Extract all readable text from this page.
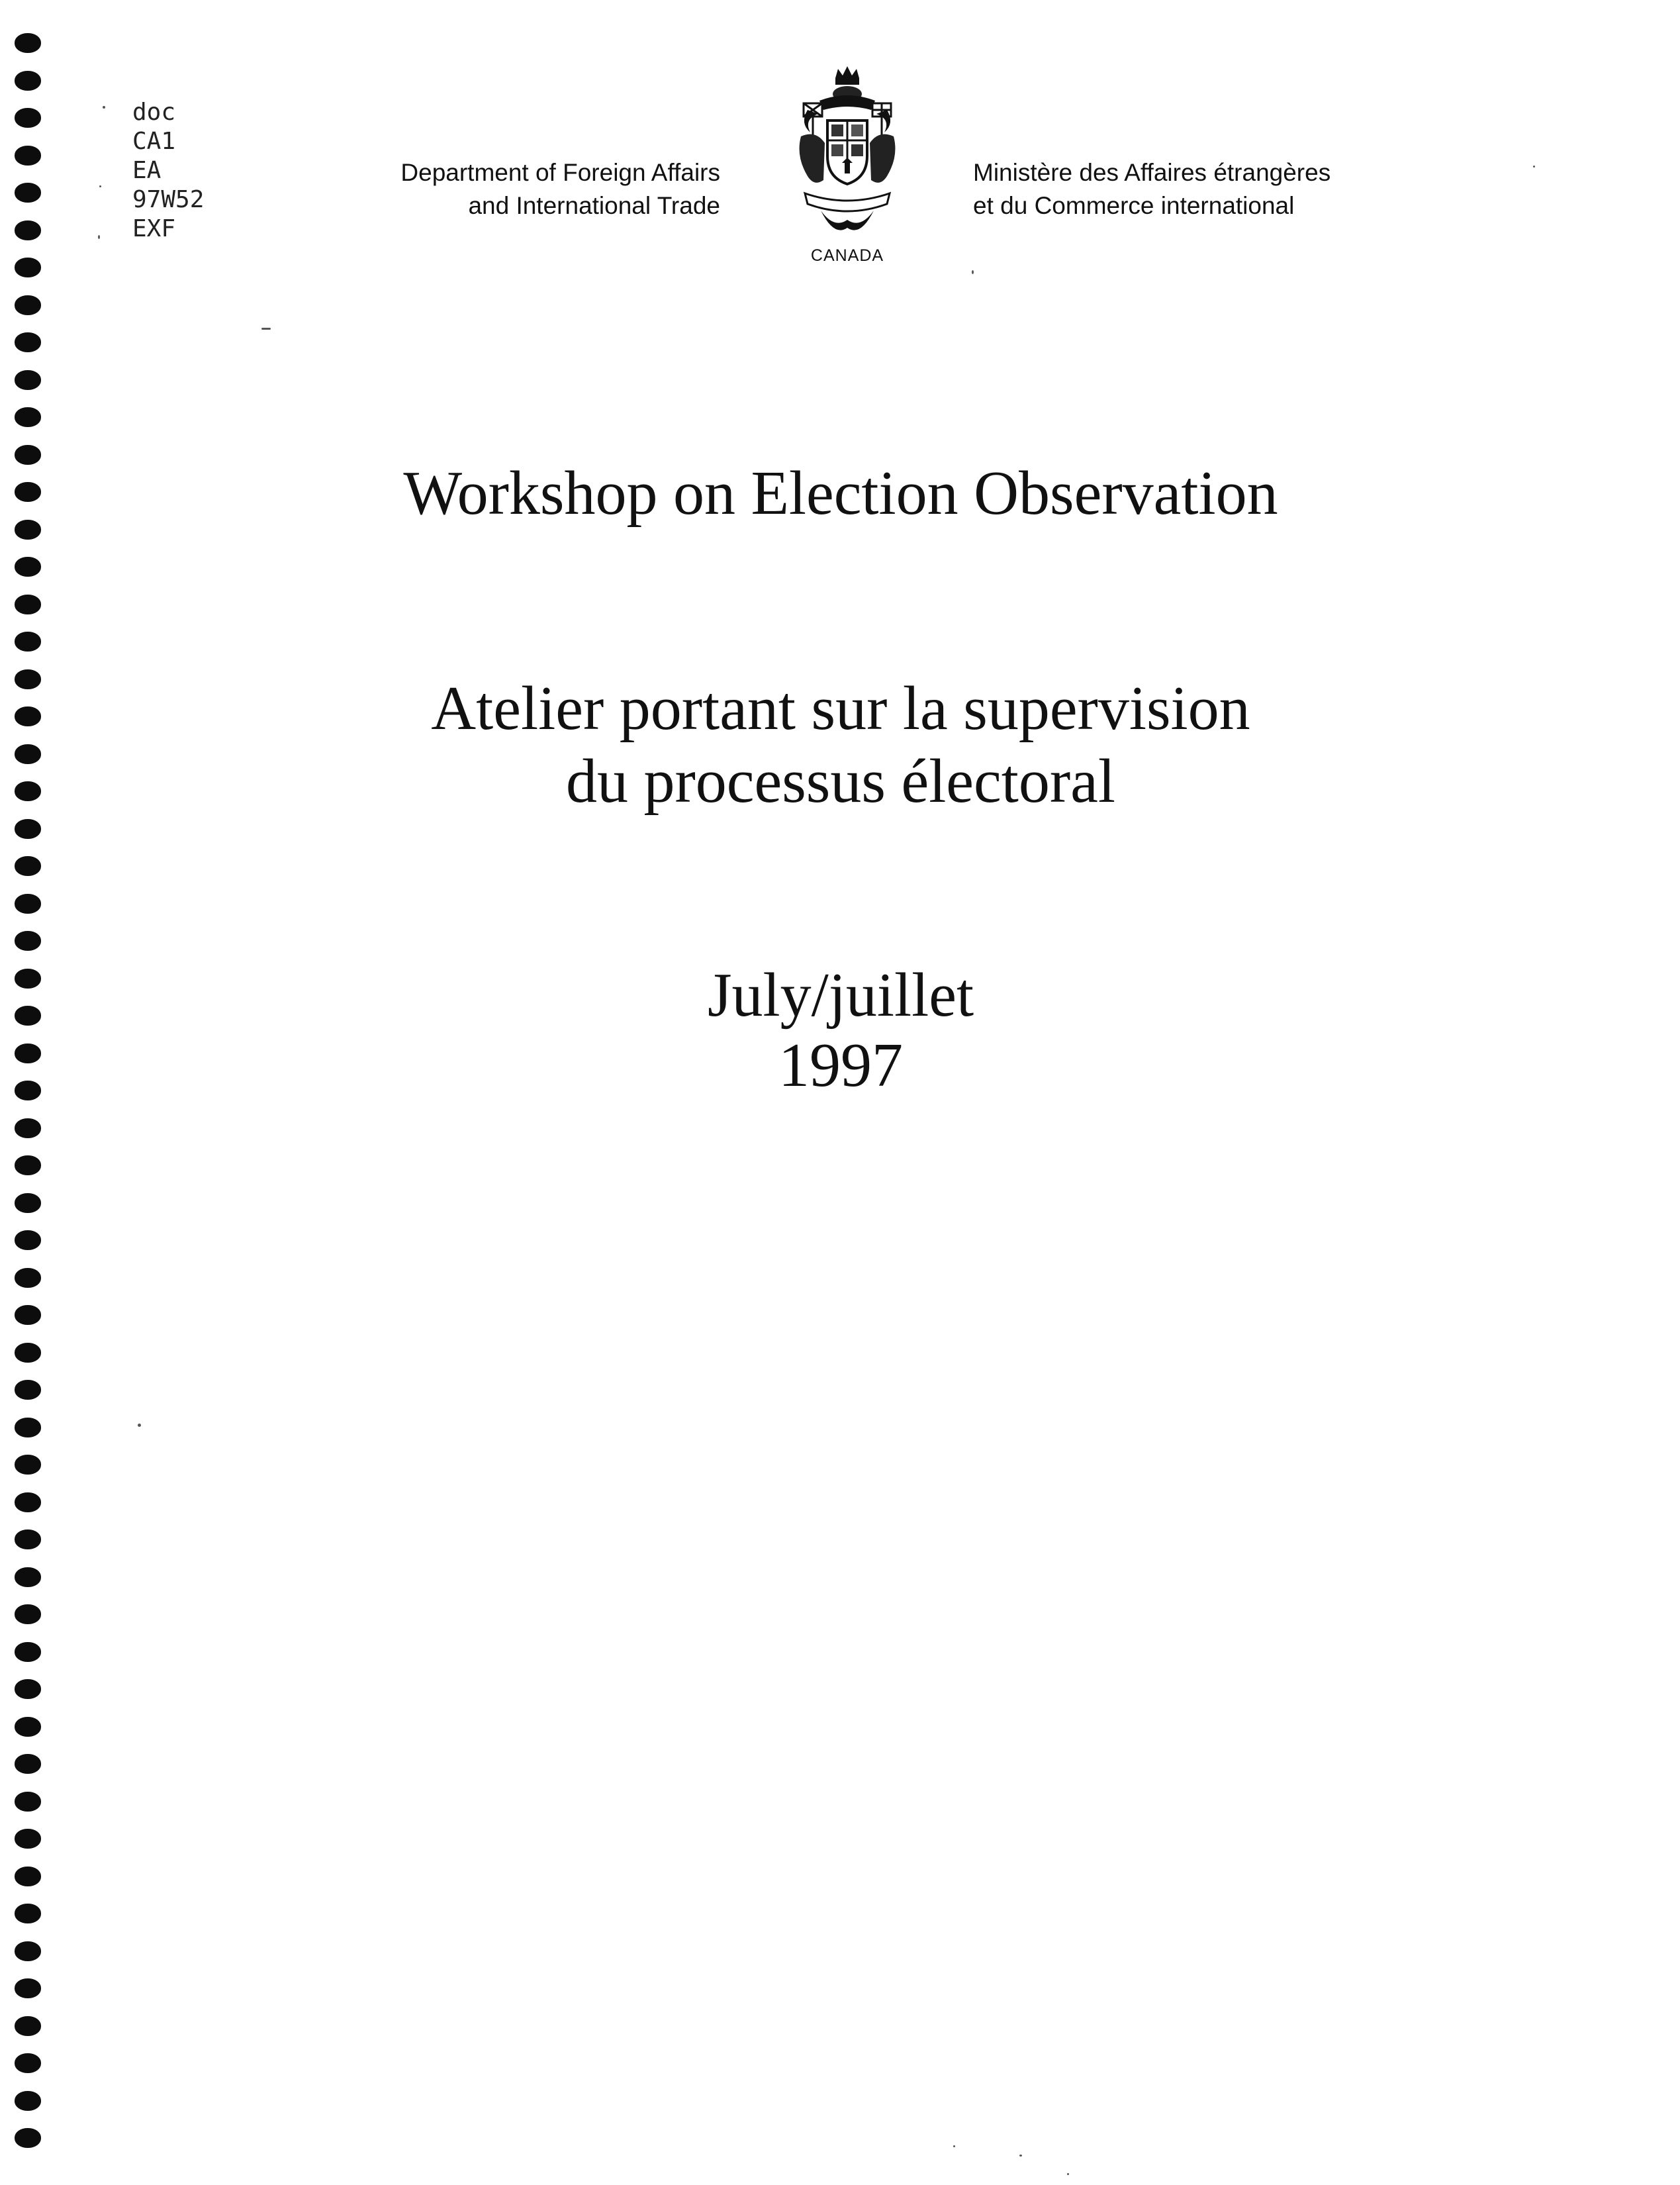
doc
CA1
EA
97W52
EXF
Department of Foreign Affairs
and International Trade
CANADA
Ministère des Affaires étrangères
et du Commerce international
Workshop on Election Observation
Atelier portant sur la supervision
du processus électoral
July/juillet
1997
